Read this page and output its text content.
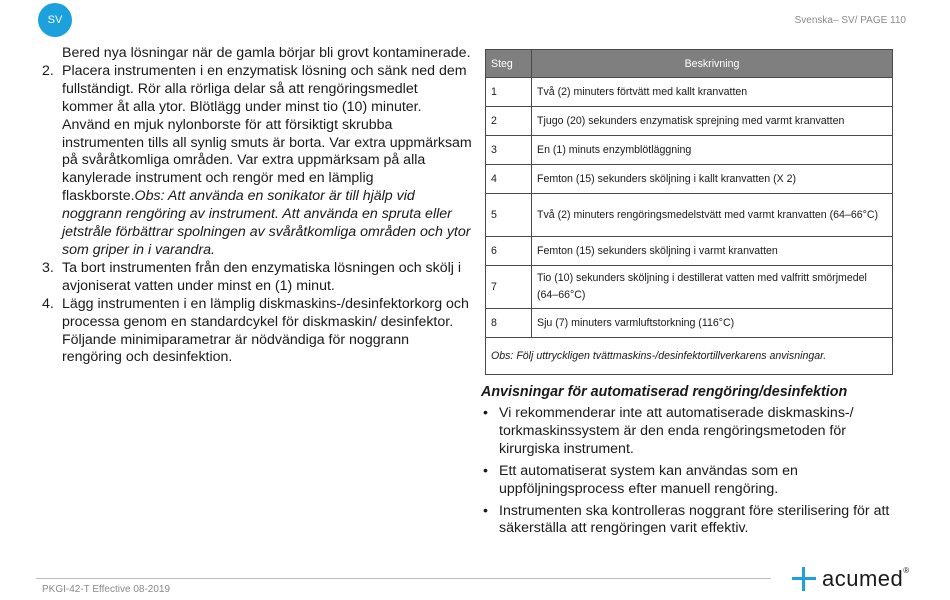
SV	Svenska– SV/ PAGE 110

Bered nya lösningar när de gamla börjar bli grovt kontaminerade.

2. Placera instrumenten i en enzymatisk lösning och sänk ned dem fullständigt. Rör alla rörliga delar så att rengöringsmedlet kommer åt alla ytor. Blötlägg under minst tio (10) minuter. Använd en mjuk nylonborste för att försiktigt skrubba instrumenten tills all synlig smuts är borta. Var extra uppmärksam på svåråtkomliga områden. Var extra uppmärksam på alla kanylerade instrument och rengör med en lämplig flaskborste.Obs: Att använda en sonikator är till hjälp vid noggrann rengöring av instrument. Att använda en spruta eller jetstråle förbättrar spolningen av svåråtkomliga områden och ytor som griper in i varandra.
3. Ta bort instrumenten från den enzymatiska lösningen och skölj i avjoniserat vatten under minst en (1) minut.
4. Lägg instrumenten i en lämplig diskmaskins-/desinfektorkorg och processa genom en standardcykel för diskmaskin/ desinfektor. Följande minimiparametrar är nödvändiga för noggrann rengöring och desinfektion.
Steg	Beskrivning
1	Två (2) minuters förtvätt med kallt kranvatten
2	Tjugo (20) sekunders enzymatisk sprejning med varmt kranvatten
3	En (1) minuts enzymblötläggning
4	Femton (15) sekunders sköljning i kallt kranvatten (X 2)
5	Två (2) minuters rengöringsmedelstvätt med varmt kranvatten (64–66°C)
6	Femton (15) sekunders sköljning i varmt kranvatten
7	Tio (10) sekunders sköljning i destillerat vatten med valfritt smörjmedel (64–66°C)
8	Sju (7) minuters varmluftstorkning (116°C)
Obs: Följ uttryckligen tvättmaskins-/desinfektortillverkarens anvisningar.	
Anvisningar för automatiserad rengöring/desinfektion
• Vi rekommenderar inte att automatiserade diskmaskins-/ torkmaskinssystem är den enda rengöringsmetoden för kirurgiska instrument.
• Ett automatiserat system kan användas som en uppföljningsprocess efter manuell rengöring.
• Instrumenten ska kontrolleras noggrant före sterilisering för att säkerställa att rengöringen varit effektiv.
PKGI-42-T Effective 08-2019	acumed®
